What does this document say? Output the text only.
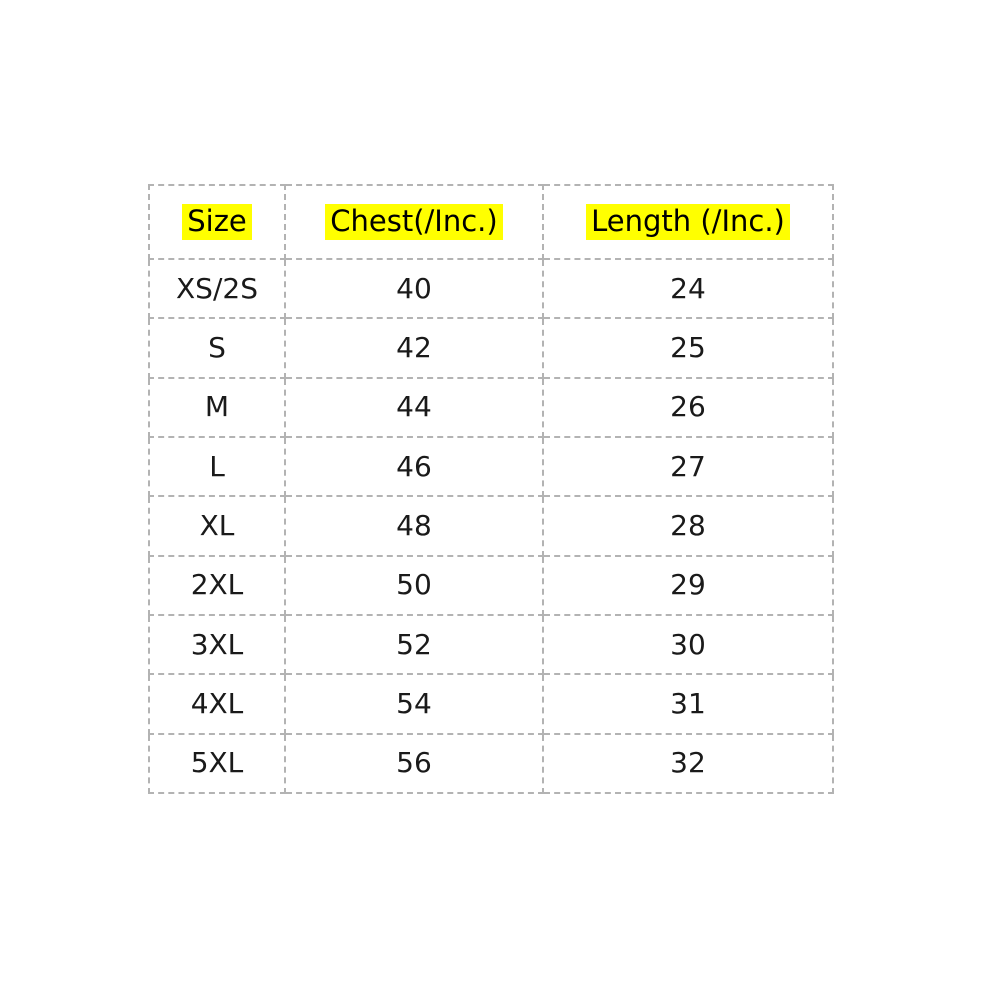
Size	Chest(/Inc.)	Length (/Inc.)
XS/2S	40	24
S	42	25
M	44	26
L	46	27
XL	48	28
2XL	50	29
3XL	52	30
4XL	54	31
5XL	56	32
